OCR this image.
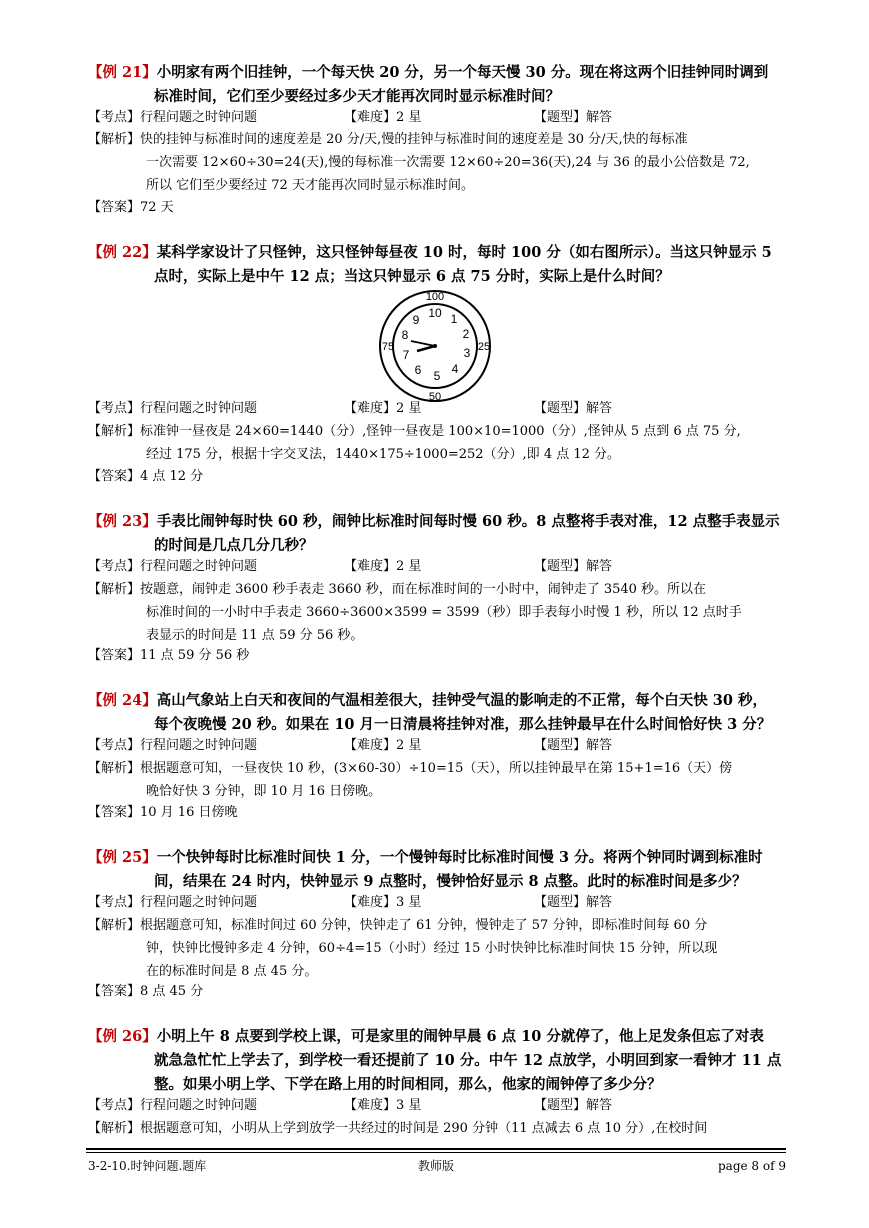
【例 21】小明家有两个旧挂钟，一个每天快 20 分，另一个每天慢 30 分。现在将这两个旧挂钟同时调到
标准时间，它们至少要经过多少天才能再次同时显示标准时间？
【考点】行程问题之时钟问题	【难度】2 星	【题型】解答
【解析】快的挂钟与标准时间的速度差是 20 分/天,慢的挂钟与标准时间的速度差是 30 分/天,快的每标准
一次需要 12×60÷30=24(天),慢的每标准一次需要 12×60÷20=36(天),24 与 36 的最小公倍数是 72,
所以 它们至少要经过 72 天才能再次同时显示标准时间。
【答案】72 天
【例 22】某科学家设计了只怪钟，这只怪钟每昼夜 10 时，每时 100 分（如右图所示）。当这只钟显示 5
点时，实际上是中午 12 点；当这只钟显示 6 点 75 分时，实际上是什么时间？
100
25
50
75
10 1
2
3
4
5
6
7
8
9
【考点】行程问题之时钟问题	【难度】2 星	【题型】解答
【解析】标准钟一昼夜是 24×60=1440（分）,怪钟一昼夜是 100×10=1000（分）,怪钟从 5 点到 6 点 75 分,
经过 175 分，根据十字交叉法，1440×175÷1000=252（分）,即 4 点 12 分。
【答案】4 点 12 分
【例 23】手表比闹钟每时快 60 秒，闹钟比标准时间每时慢 60 秒。8 点整将手表对准，12 点整手表显示
的时间是几点几分几秒？
【考点】行程问题之时钟问题	【难度】2 星	【题型】解答
【解析】按题意，闹钟走 3600 秒手表走 3660 秒，而在标准时间的一小时中，闹钟走了 3540 秒。所以在
标准时间的一小时中手表走 3660÷3600×3599 = 3599（秒）即手表每小时慢 1 秒，所以 12 点时手
表显示的时间是 11 点 59 分 56 秒。
【答案】11 点 59 分 56 秒
【例 24】高山气象站上白天和夜间的气温相差很大，挂钟受气温的影响走的不正常，每个白天快 30 秒，
每个夜晚慢 20 秒。如果在 10 月一日清晨将挂钟对准，那么挂钟最早在什么时间恰好快 3 分？
【考点】行程问题之时钟问题	【难度】2 星	【题型】解答
【解析】根据题意可知，一昼夜快 10 秒，(3×60-30）÷10=15（天），所以挂钟最早在第 15+1=16（天）傍
晚恰好快 3 分钟，即 10 月 16 日傍晚。
【答案】10 月 16 日傍晚
【例 25】一个快钟每时比标准时间快 1 分，一个慢钟每时比标准时间慢 3 分。将两个钟同时调到标准时
间，结果在 24 时内，快钟显示 9 点整时，慢钟恰好显示 8 点整。此时的标准时间是多少？
【考点】行程问题之时钟问题	【难度】3 星	【题型】解答
【解析】根据题意可知，标准时间过 60 分钟，快钟走了 61 分钟，慢钟走了 57 分钟，即标准时间每 60 分
钟，快钟比慢钟多走 4 分钟，60÷4=15（小时）经过 15 小时快钟比标准时间快 15 分钟，所以现
在的标准时间是 8 点 45 分。
【答案】8 点 45 分
【例 26】小明上午 8 点要到学校上课，可是家里的闹钟早晨 6 点 10 分就停了，他上足发条但忘了对表
就急急忙忙上学去了，到学校一看还提前了 10 分。中午 12 点放学，小明回到家一看钟才 11 点
整。如果小明上学、下学在路上用的时间相同，那么，他家的闹钟停了多少分？
【考点】行程问题之时钟问题	【难度】3 星	【题型】解答
【解析】根据题意可知，小明从上学到放学一共经过的时间是 290 分钟（11 点减去 6 点 10 分）,在校时间
3-2-10.时钟问题.题库	教师版	page 8 of 9
